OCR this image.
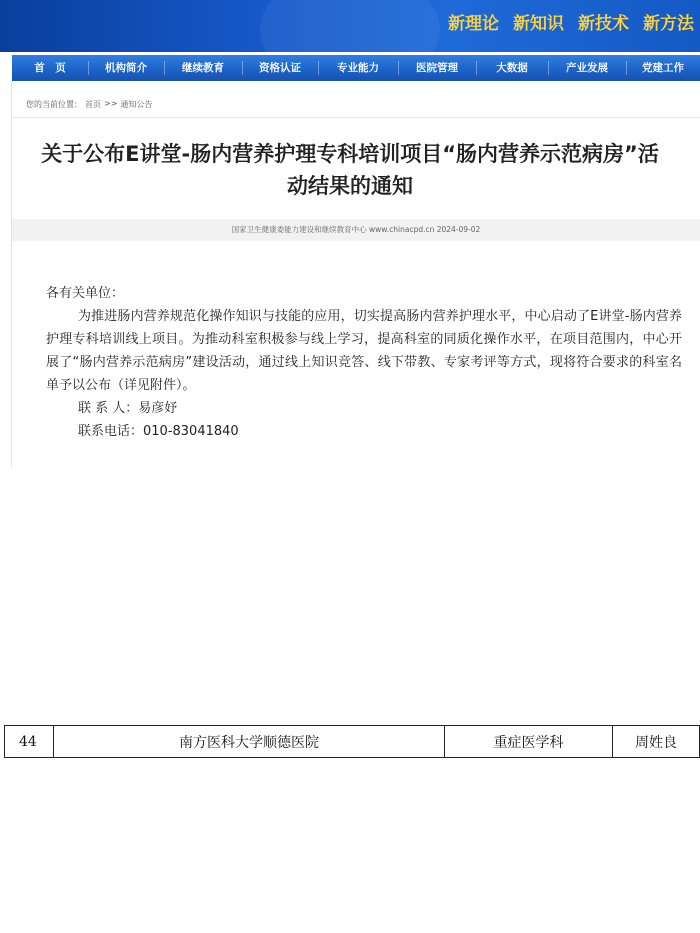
新理论 新知识 新技术 新方法
首　页	机构简介	继续教育	资格认证	专业能力	医院管理	大数据	产业发展	党建工作
您的当前位置： 首页 >> 通知公告
关于公布E讲堂-肠内营养护理专科培训项目“肠内营养示范病房”活动结果的通知
国家卫生健康委能力建设和继续教育中心 www.chinacpd.cn 2024-09-02

各有关单位：

为推进肠内营养规范化操作知识与技能的应用，切实提高肠内营养护理水平，中心启动了E讲堂-肠内营养护理专科培训线上项目。为推动科室积极参与线上学习，提高科室的同质化操作水平，在项目范围内，中心开展了“肠内营养示范病房”建设活动，通过线上知识竞答、线下带教、专家考评等方式，现将符合要求的科室名单予以公布（详见附件）。

联 系 人：易彦妤

联系电话：010-83041840

44	南方医科大学顺德医院	重症医学科	周姓良
